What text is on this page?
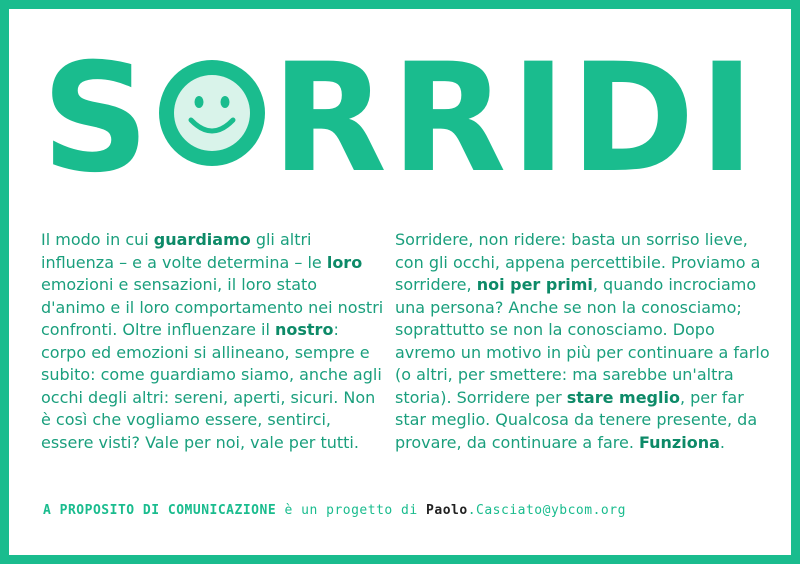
S RRIDI
Il modo in cui guardiamo gli altri influenza – e a volte determina – le loro emozioni e sensazioni, il loro stato d'animo e il loro comportamento nei nostri confronti. Oltre influenzare il nostro: corpo ed emozioni si allineano, sempre e subito: come guardiamo siamo, anche agli occhi degli altri: sereni, aperti, sicuri. Non è così che vogliamo essere, sentirci, essere visti? Vale per noi, vale per tutti.
Sorridere, non ridere: basta un sorriso lieve, con gli occhi, appena percettibile. Proviamo a sorridere, noi per primi, quando incrociamo una persona? Anche se non la conosciamo; soprattutto se non la conosciamo. Dopo avremo un motivo in più per continuare a farlo (o altri, per smettere: ma sarebbe un'altra storia). Sorridere per stare meglio, per far star meglio. Qualcosa da tenere presente, da provare, da continuare a fare. Funziona.
A PROPOSITO DI COMUNICAZIONE è un progetto di Paolo.Casciato@ybcom.org
